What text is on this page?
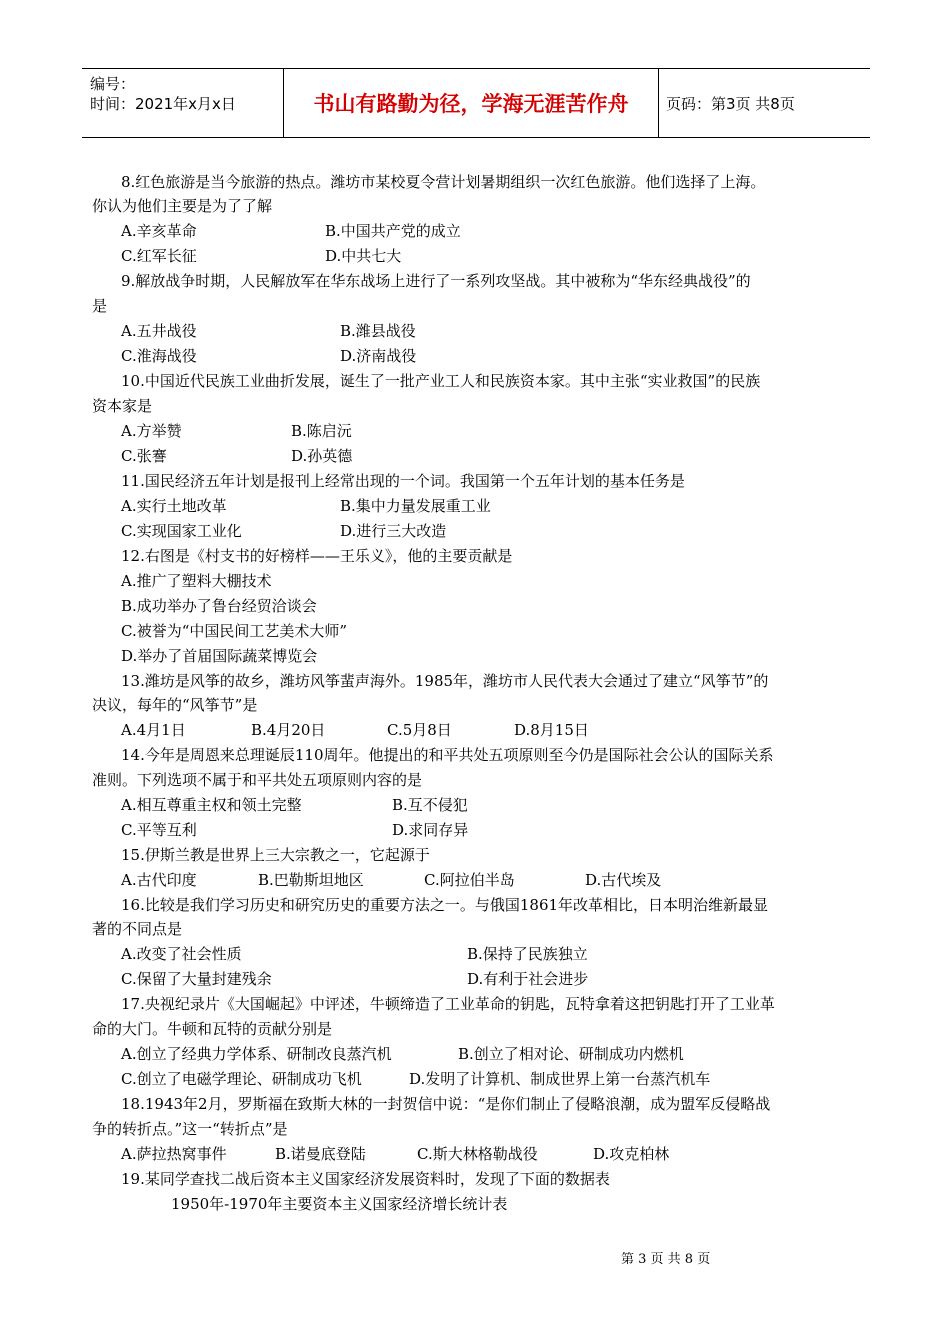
编号：
时间：2021年x月x日	书山有路勤为径，学海无涯苦作舟	页码：第3页 共8页
8.红色旅游是当今旅游的热点。潍坊市某校夏令营计划暑期组织一次红色旅游。他们选择了上海。
你认为他们主要是为了了解
A.辛亥革命	B.中国共产党的成立
C.红军长征	D.中共七大
9.解放战争时期，人民解放军在华东战场上进行了一系列攻坚战。其中被称为“华东经典战役”的
是
A.五井战役	B.潍县战役
C.淮海战役	D.济南战役
10.中国近代民族工业曲折发展，诞生了一批产业工人和民族资本家。其中主张“实业救国”的民族
资本家是
A.方举赞	B.陈启沅
C.张謇	D.孙英德
11.国民经济五年计划是报刊上经常出现的一个词。我国第一个五年计划的基本任务是
A.实行土地改革	B.集中力量发展重工业
C.实现国家工业化	D.进行三大改造
12.右图是《村支书的好榜样——王乐义》，他的主要贡献是
A.推广了塑料大棚技术
B.成功举办了鲁台经贸洽谈会
C.被誉为“中国民间工艺美术大师”
D.举办了首届国际蔬菜博览会
13.潍坊是风筝的故乡，潍坊风筝蜚声海外。1985年，潍坊市人民代表大会通过了建立“风筝节”的
决议，每年的“风筝节”是
A.4月1日	B.4月20日	C.5月8日	D.8月15日
14.今年是周恩来总理诞辰110周年。他提出的和平共处五项原则至今仍是国际社会公认的国际关系
准则。下列选项不属于和平共处五项原则内容的是
A.相互尊重主权和领土完整	B.互不侵犯
C.平等互利	D.求同存异
15.伊斯兰教是世界上三大宗教之一，它起源于
A.古代印度	B.巴勒斯坦地区	C.阿拉伯半岛	D.古代埃及
16.比较是我们学习历史和研究历史的重要方法之一。与俄国1861年改革相比，日本明治维新最显
著的不同点是
A.改变了社会性质	B.保持了民族独立
C.保留了大量封建残余	D.有利于社会进步
17.央视纪录片《大国崛起》中评述，牛顿缔造了工业革命的钥匙，瓦特拿着这把钥匙打开了工业革
命的大门。牛顿和瓦特的贡献分别是
A.创立了经典力学体系、研制改良蒸汽机	B.创立了相对论、研制成功内燃机
C.创立了电磁学理论、研制成功飞机	D.发明了计算机、制成世界上第一台蒸汽机车
18.1943年2月，罗斯福在致斯大林的一封贺信中说：“是你们制止了侵略浪潮，成为盟军反侵略战
争的转折点。”这一“转折点”是
A.萨拉热窝事件	B.诺曼底登陆	C.斯大林格勒战役	D.攻克柏林
19.某同学查找二战后资本主义国家经济发展资料时，发现了下面的数据表
1950年-1970年主要资本主义国家经济增长统计表
第 3 页 共 8 页
